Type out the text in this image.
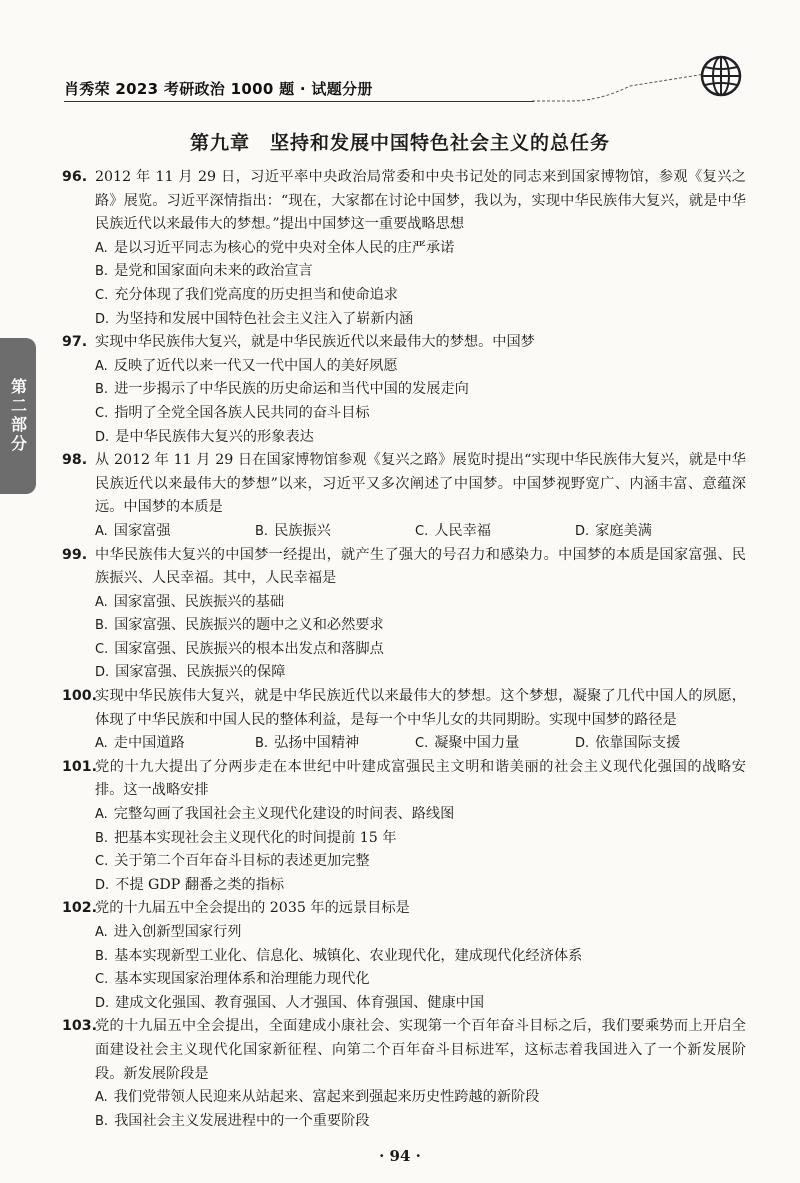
肖秀荣 2023 考研政治 1000 题 · 试题分册
第二部分
第九章　坚持和发展中国特色社会主义的总任务
96. 2012 年 11 月 29 日，习近平率中央政治局常委和中央书记处的同志来到国家博物馆，参观《复兴之路》展览。习近平深情指出：“现在，大家都在讨论中国梦，我以为，实现中华民族伟大复兴，就是中华民族近代以来最伟大的梦想。”提出中国梦这一重要战略思想
A. 是以习近平同志为核心的党中央对全体人民的庄严承诺
B. 是党和国家面向未来的政治宣言
C. 充分体现了我们党高度的历史担当和使命追求
D. 为坚持和发展中国特色社会主义注入了崭新内涵
97. 实现中华民族伟大复兴，就是中华民族近代以来最伟大的梦想。中国梦
A. 反映了近代以来一代又一代中国人的美好夙愿
B. 进一步揭示了中华民族的历史命运和当代中国的发展走向
C. 指明了全党全国各族人民共同的奋斗目标
D. 是中华民族伟大复兴的形象表达
98. 从 2012 年 11 月 29 日在国家博物馆参观《复兴之路》展览时提出“实现中华民族伟大复兴，就是中华民族近代以来最伟大的梦想”以来，习近平又多次阐述了中国梦。中国梦视野宽广、内涵丰富、意蕴深远。中国梦的本质是
A. 国家富强	B. 民族振兴	C. 人民幸福	D. 家庭美满
99. 中华民族伟大复兴的中国梦一经提出，就产生了强大的号召力和感染力。中国梦的本质是国家富强、民族振兴、人民幸福。其中，人民幸福是
A. 国家富强、民族振兴的基础
B. 国家富强、民族振兴的题中之义和必然要求
C. 国家富强、民族振兴的根本出发点和落脚点
D. 国家富强、民族振兴的保障
100.
实现中华民族伟大复兴，就是中华民族近代以来最伟大的梦想。这个梦想，凝聚了几代中国人的夙愿，体现了中华民族和中国人民的整体利益，是每一个中华儿女的共同期盼。实现中国梦的路径是
A. 走中国道路	B. 弘扬中国精神	C. 凝聚中国力量	D. 依靠国际支援
101.
党的十九大提出了分两步走在本世纪中叶建成富强民主文明和谐美丽的社会主义现代化强国的战略安排。这一战略安排
A. 完整勾画了我国社会主义现代化建设的时间表、路线图
B. 把基本实现社会主义现代化的时间提前 15 年
C. 关于第二个百年奋斗目标的表述更加完整
D. 不提 GDP 翻番之类的指标
102.
党的十九届五中全会提出的 2035 年的远景目标是
A. 进入创新型国家行列
B. 基本实现新型工业化、信息化、城镇化、农业现代化，建成现代化经济体系
C. 基本实现国家治理体系和治理能力现代化
D. 建成文化强国、教育强国、人才强国、体育强国、健康中国
103.
党的十九届五中全会提出，全面建成小康社会、实现第一个百年奋斗目标之后，我们要乘势而上开启全面建设社会主义现代化国家新征程、向第二个百年奋斗目标进军，这标志着我国进入了一个新发展阶段。新发展阶段是
A. 我们党带领人民迎来从站起来、富起来到强起来历史性跨越的新阶段
B. 我国社会主义发展进程中的一个重要阶段
· 94 ·
